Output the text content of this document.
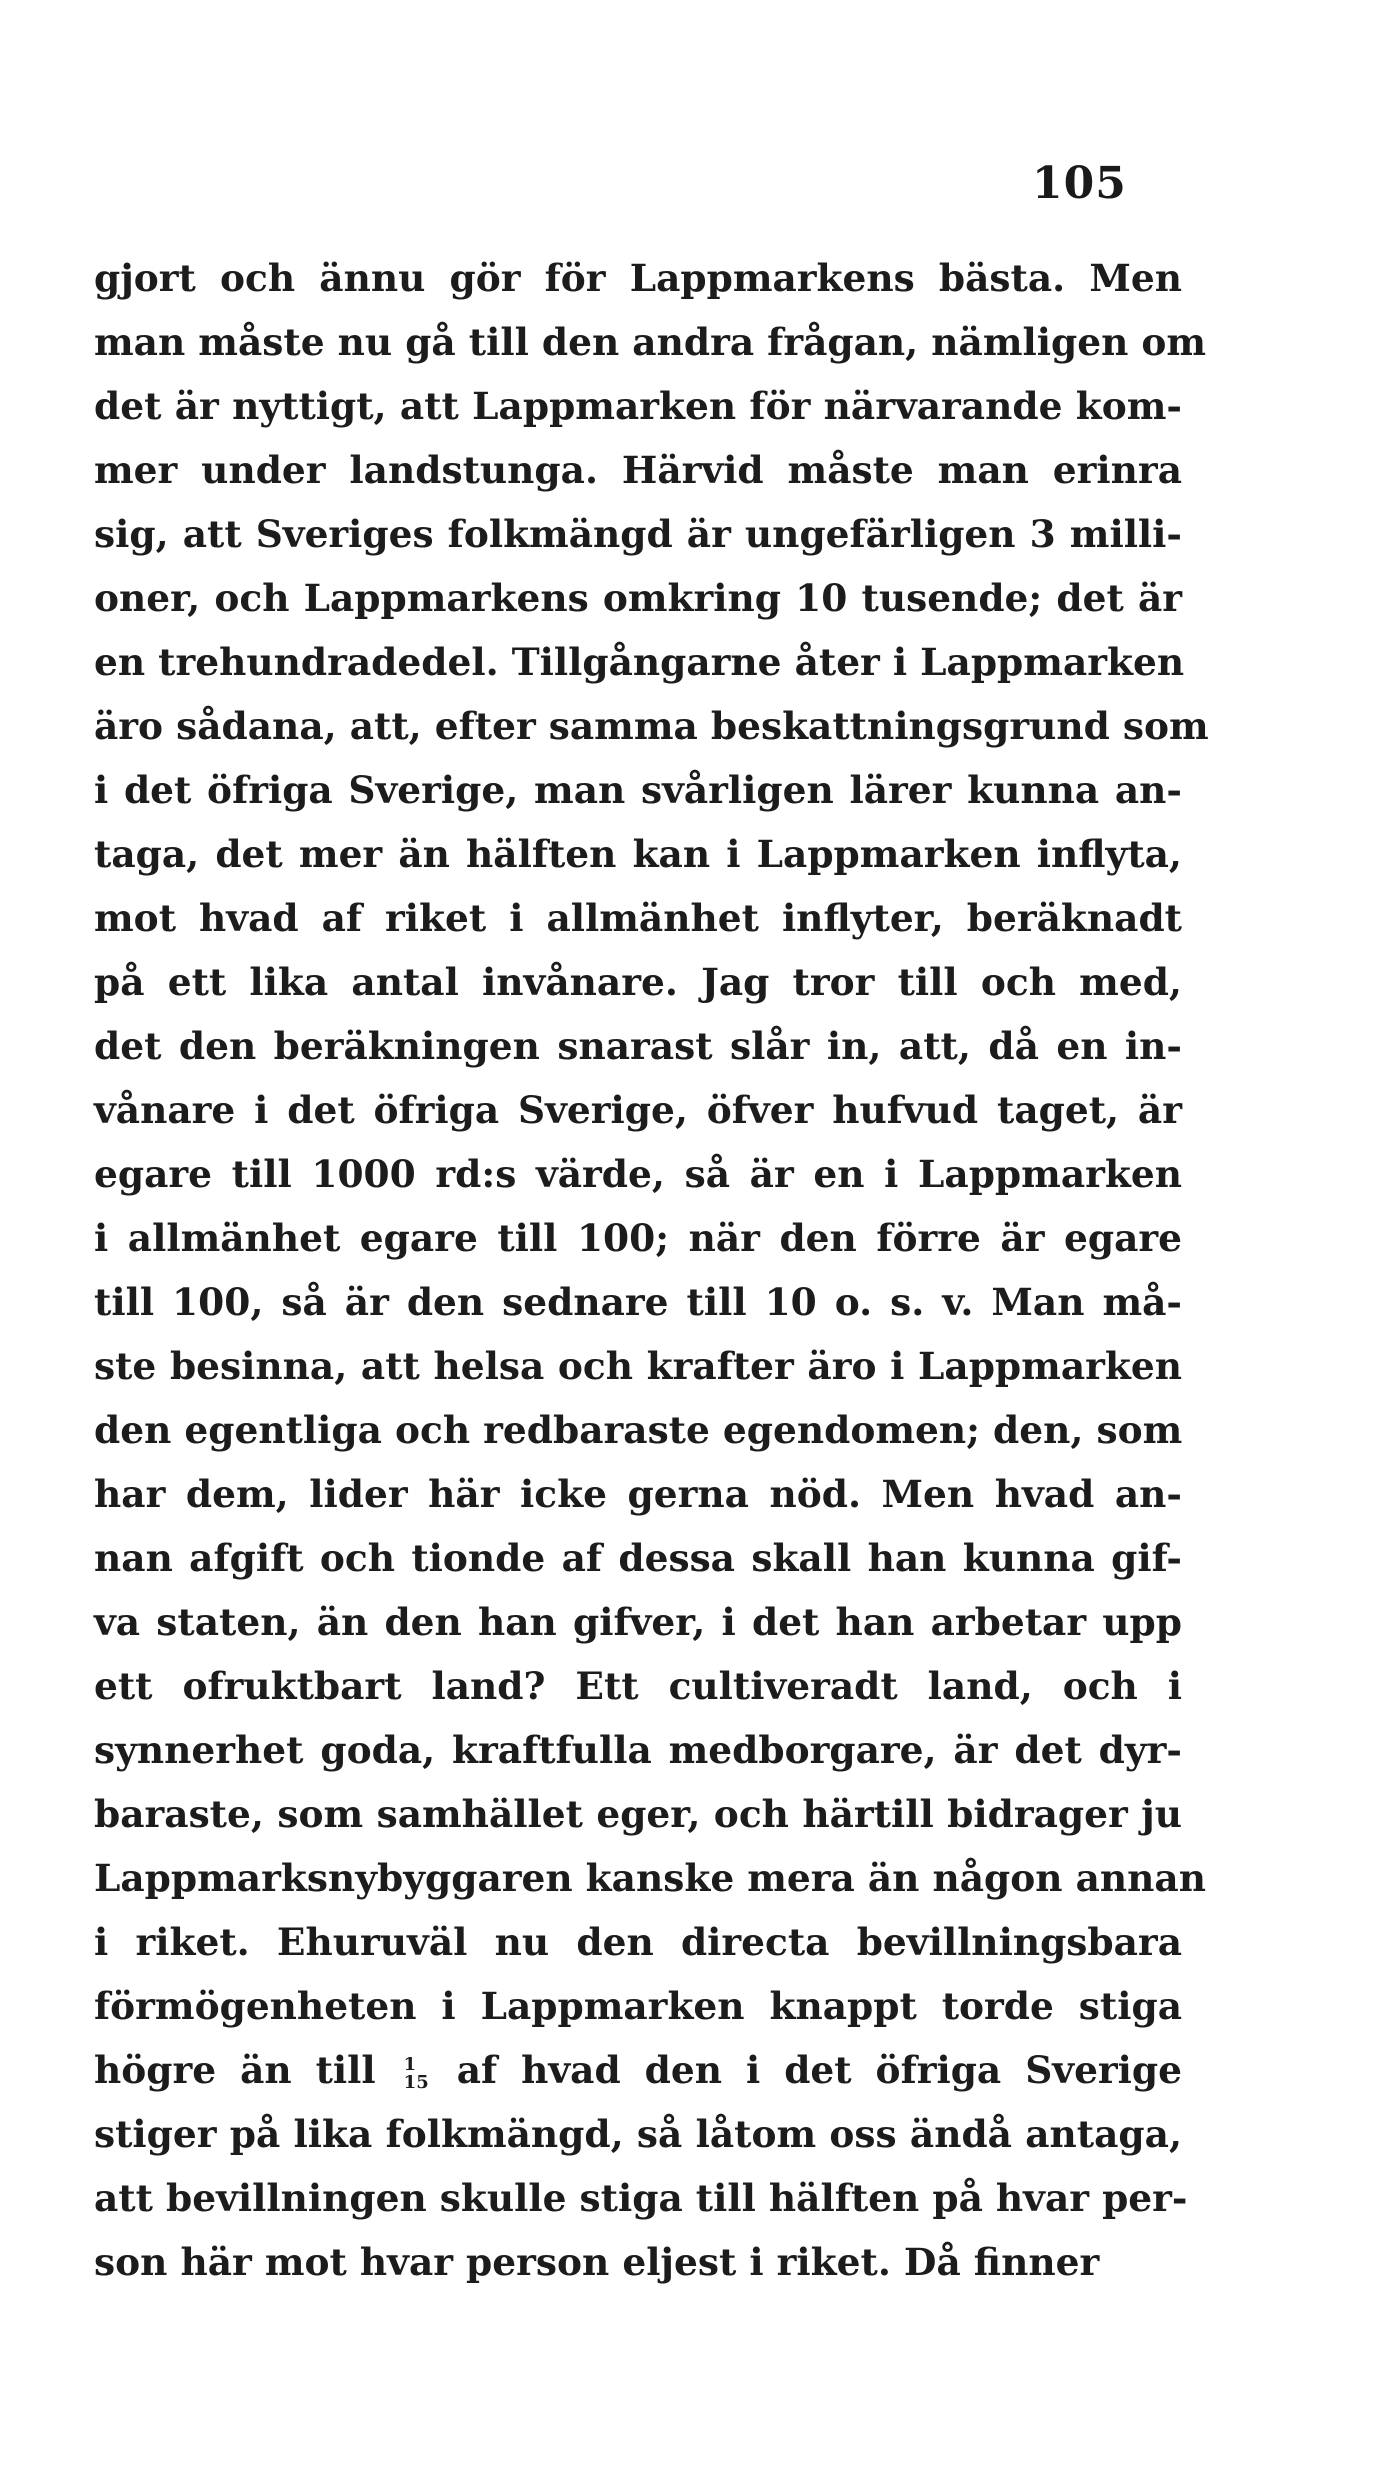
105
gjort och ännu gör för Lappmarkens bästa. Men
man måste nu gå till den andra frågan, nämligen om
det är nyttigt, att Lappmarken för närvarande kom-
mer under landstunga. Härvid måste man erinra
sig, att Sveriges folkmängd är ungefärligen 3 milli-
oner, och Lappmarkens omkring 10 tusende; det är
en trehundradedel. Tillgångarne åter i Lappmarken
äro sådana, att, efter samma beskattningsgrund som
i det öfriga Sverige, man svårligen lärer kunna an-
taga, det mer än hälften kan i Lappmarken inflyta,
mot hvad af riket i allmänhet inflyter, beräknadt
på ett lika antal invånare. Jag tror till och med,
det den beräkningen snarast slår in, att, då en in-
vånare i det öfriga Sverige, öfver hufvud taget, är
egare till 1000 rd:s värde, så är en i Lappmarken
i allmänhet egare till 100; när den förre är egare
till 100, så är den sednare till 10 o. s. v. Man må-
ste besinna, att helsa och krafter äro i Lappmarken
den egentliga och redbaraste egendomen; den, som
har dem, lider här icke gerna nöd. Men hvad an-
nan afgift och tionde af dessa skall han kunna gif-
va staten, än den han gifver, i det han arbetar upp
ett ofruktbart land? Ett cultiveradt land, och i
synnerhet goda, kraftfulla medborgare, är det dyr-
baraste, som samhället eger, och härtill bidrager ju
Lappmarksnybyggaren kanske mera än någon annan
i riket. Ehuruväl nu den directa bevillningsbara
förmögenheten i Lappmarken knappt torde stiga
högre än till 1
15 af hvad den i det öfriga Sverige
stiger på lika folkmängd, så låtom oss ändå antaga,
att bevillningen skulle stiga till hälften på hvar per-
son här mot hvar person eljest i riket. Då finner
